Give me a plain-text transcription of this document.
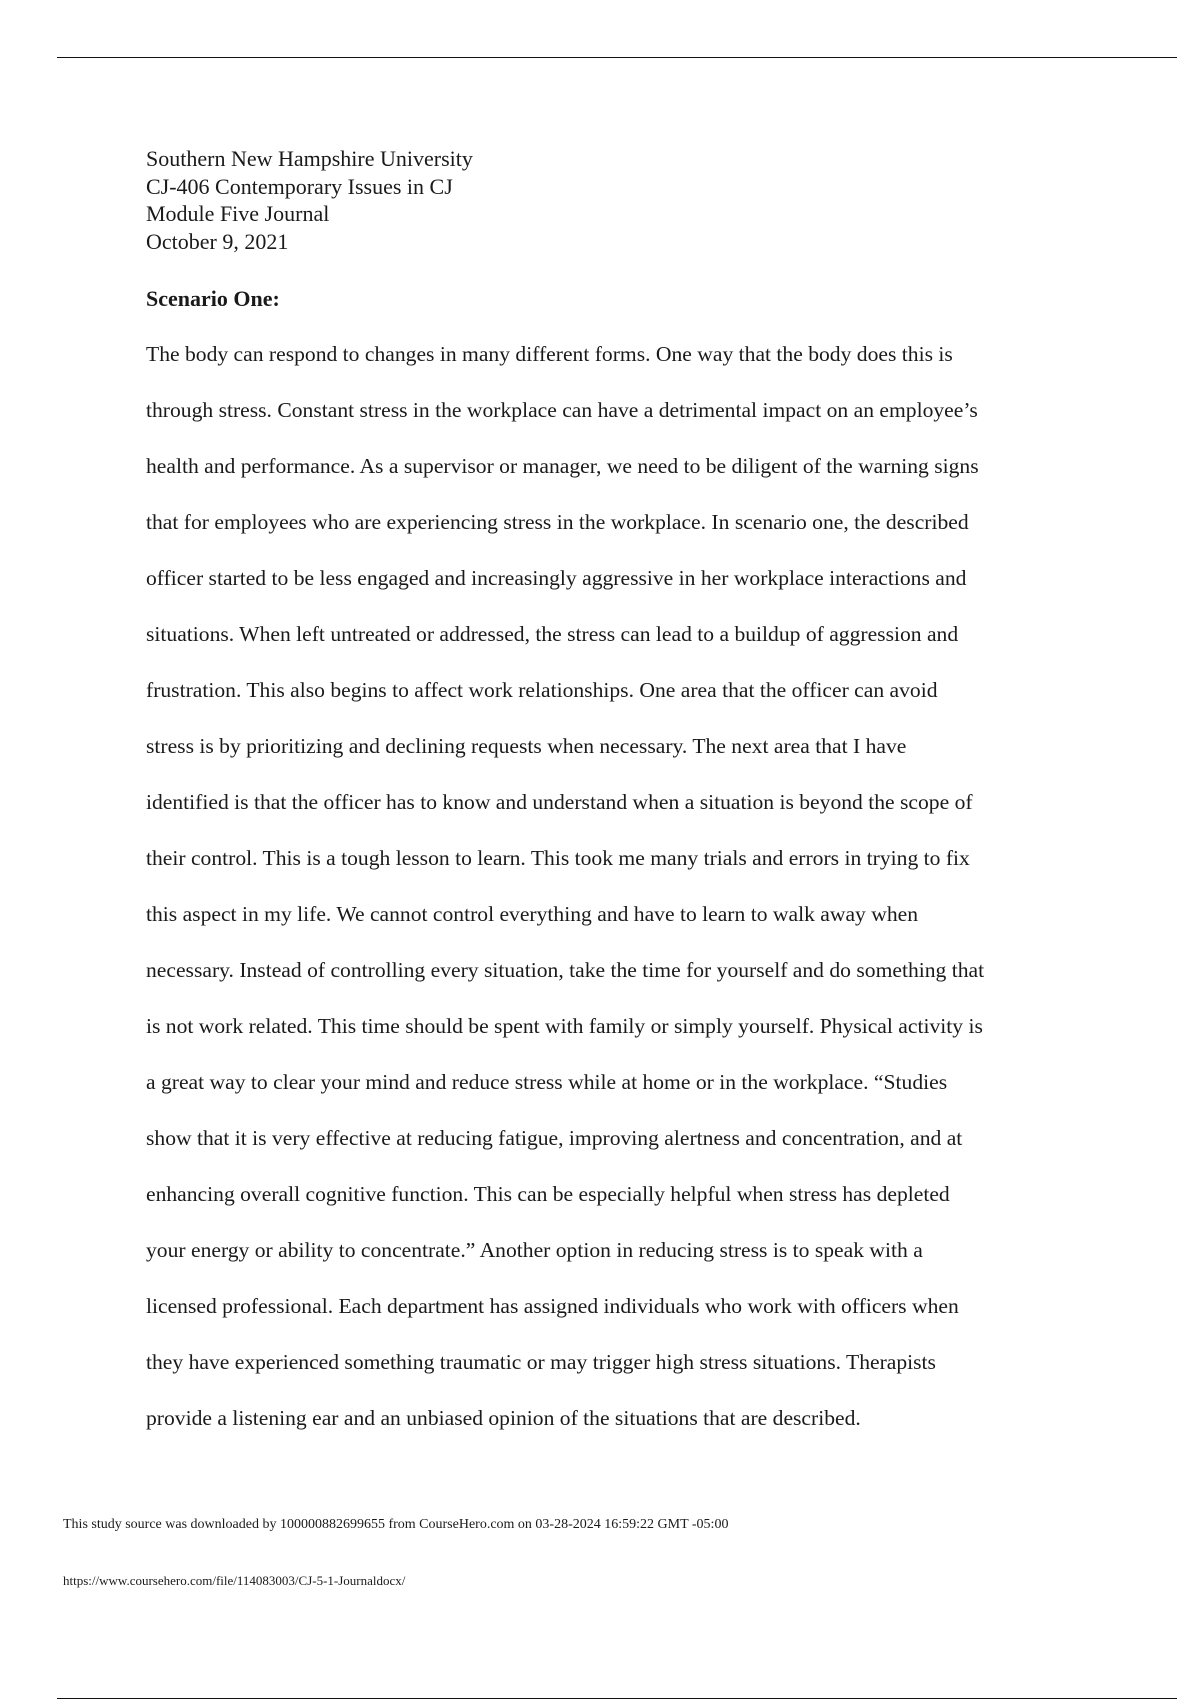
Southern New Hampshire University
CJ-406 Contemporary Issues in CJ
Module Five Journal
October 9, 2021
Scenario One:
The body can respond to changes in many different forms. One way that the body does this is
through stress. Constant stress in the workplace can have a detrimental impact on an employee’s
health and performance. As a supervisor or manager, we need to be diligent of the warning signs
that for employees who are experiencing stress in the workplace. In scenario one, the described
officer started to be less engaged and increasingly aggressive in her workplace interactions and
situations. When left untreated or addressed, the stress can lead to a buildup of aggression and
frustration. This also begins to affect work relationships. One area that the officer can avoid
stress is by prioritizing and declining requests when necessary. The next area that I have
identified is that the officer has to know and understand when a situation is beyond the scope of
their control. This is a tough lesson to learn. This took me many trials and errors in trying to fix
this aspect in my life. We cannot control everything and have to learn to walk away when
necessary. Instead of controlling every situation, take the time for yourself and do something that
is not work related. This time should be spent with family or simply yourself. Physical activity is
a great way to clear your mind and reduce stress while at home or in the workplace. “Studies
show that it is very effective at reducing fatigue, improving alertness and concentration, and at
enhancing overall cognitive function. This can be especially helpful when stress has depleted
your energy or ability to concentrate.” Another option in reducing stress is to speak with a
licensed professional. Each department has assigned individuals who work with officers when
they have experienced something traumatic or may trigger high stress situations. Therapists
provide a listening ear and an unbiased opinion of the situations that are described.
This study source was downloaded by 100000882699655 from CourseHero.com on 03-28-2024 16:59:22 GMT -05:00
https://www.coursehero.com/file/114083003/CJ-5-1-Journaldocx/
